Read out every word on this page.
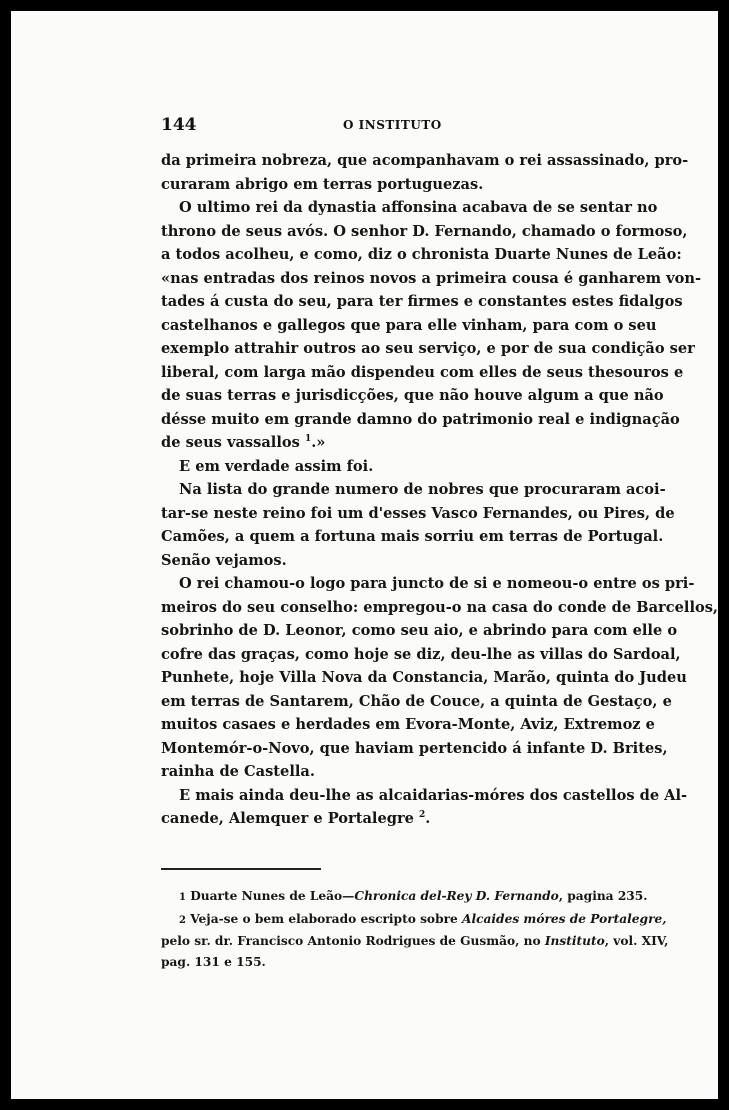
144	O INSTITUTO
da primeira nobreza, que acompanhavam o rei assassinado, pro-
curaram abrigo em terras portuguezas.
O ultimo rei da dynastia affonsina acabava de se sentar no
throno de seus avós. O senhor D. Fernando, chamado o formoso,
a todos acolheu, e como, diz o chronista Duarte Nunes de Leão:
«nas entradas dos reinos novos a primeira cousa é ganharem von-
tades á custa do seu, para ter firmes e constantes estes fidalgos
castelhanos e gallegos que para elle vinham, para com o seu
exemplo attrahir outros ao seu serviço, e por de sua condição ser
liberal, com larga mão dispendeu com elles de seus thesouros e
de suas terras e jurisdicções, que não houve algum a que não
désse muito em grande damno do patrimonio real e indignação
de seus vassallos $^1$.»
E em verdade assim foi.
Na lista do grande numero de nobres que procuraram acoi-
tar-se neste reino foi um d'esses Vasco Fernandes, ou Pires, de
Camões, a quem a fortuna mais sorriu em terras de Portugal.
Senão vejamos.
O rei chamou-o logo para juncto de si e nomeou-o entre os pri-
meiros do seu conselho: empregou-o na casa do conde de Barcellos,
sobrinho de D. Leonor, como seu aio, e abrindo para com elle o
cofre das graças, como hoje se diz, deu-lhe as villas do Sardoal,
Punhete, hoje Villa Nova da Constancia, Marão, quinta do Judeu
em terras de Santarem, Chão de Couce, a quinta de Gestaço, e
muitos casaes e herdades em Evora-Monte, Aviz, Extremoz e
Montemór-o-Novo, que haviam pertencido á infante D. Brites,
rainha de Castella.
E mais ainda deu-lhe as alcaidarias-móres dos castellos de Al-
canede, Alemquer e Portalegre $^2$.
1 Duarte Nunes de Leão—Chronica del-Rey D. Fernando, pagina 235.
2 Veja-se o bem elaborado escripto sobre Alcaides móres de Portalegre,
pelo sr. dr. Francisco Antonio Rodrigues de Gusmão, no Instituto, vol. XIV,
pag. 131 e 155.
